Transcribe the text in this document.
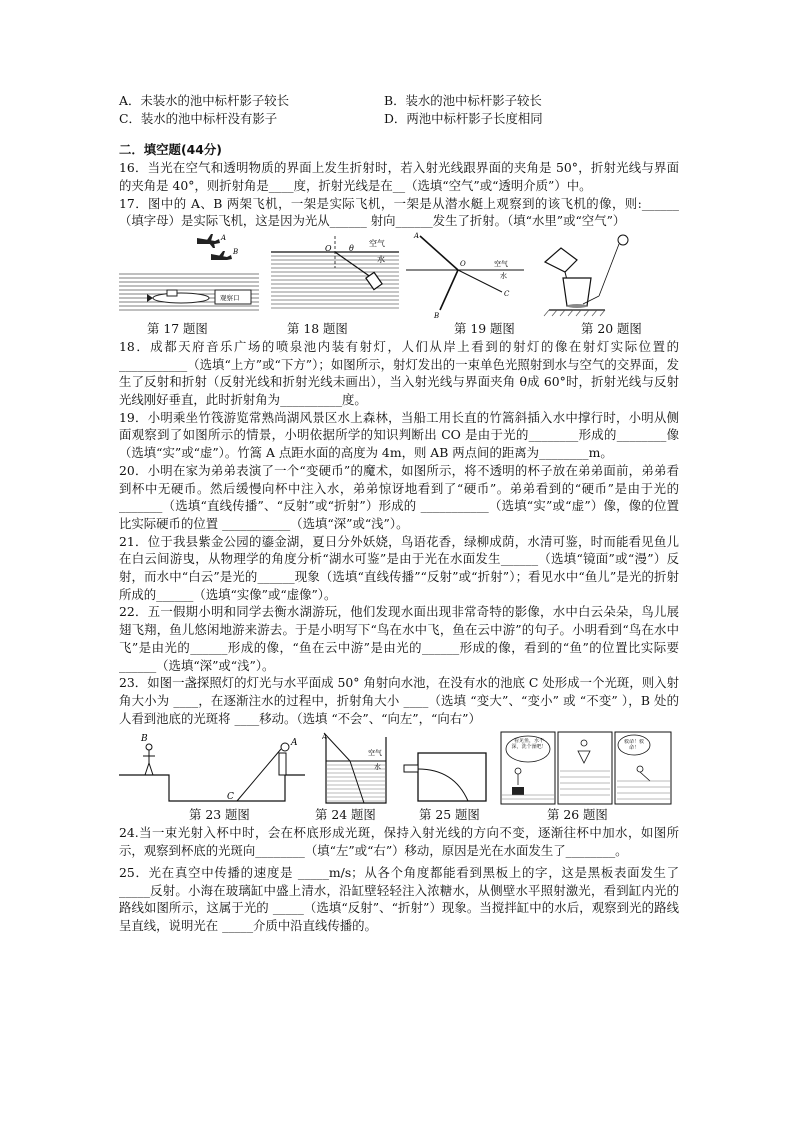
A．未装水的池中标杆影子较长	B．装水的池中标杆影子较长
C．装水的池中标杆没有影子	D．两池中标杆影子长度相同
二．填空题(44分)

16．当光在空气和透明物质的界面上发生折射时，若入射光线跟界面的夹角是 50°，折射光线与界面的夹角是 40°，则折射角是____度，折射光线是在__（选填“空气”或“透明介质”）中。

17．图中的 A、B 两架飞机，一架是实际飞机，一架是从潜水艇上观察到的该飞机的像，则:______（填字母）是实际飞机，这是因为光从______ 射向______发生了折射。（填“水里”或“空气”）

A
B
观察口
空气
水
O θ
A
B
C
O	空气
水
第 17 题图	第 18 题图	第 19 题图	第 20 题图

18．成都天府音乐广场的喷泉池内装有射灯，人们从岸上看到的射灯的像在射灯实际位置的___________（选填“上方”或“下方”）；如图所示，射灯发出的一束单色光照射到水与空气的交界面，发生了反射和折射（反射光线和折射光线未画出），当入射光线与界面夹角 θ成 60°时，折射光线与反射光线刚好垂直，此时折射角为__________度。

19．小明乘坐竹筏游览常熟尚湖风景区水上森林，当船工用长直的竹篙斜插入水中撑行时，小明从侧面观察到了如图所示的情景，小明依据所学的知识判断出 CO 是由于光的________形成的________像（选填“实”或“虚”）。竹篙 A 点距水面的高度为 4m，则 AB 两点间的距离为________m。

20．小明在家为弟弟表演了一个“变硬币”的魔术，如图所示，将不透明的杯子放在弟弟面前，弟弟看到杯中无硬币。然后缓慢向杯中注入水，弟弟惊讶地看到了“硬币”。弟弟看到的“硬币”是由于光的 _______（选填“直线传播”、“反射”或“折射”）形成的 ___________（选填“实”或“虚”）像，像的位置比实际硬币的位置 ___________（选填“深”或“浅”）。

21．位于我县紫金公园的鎏金湖，夏日分外妖娆，鸟语花香，绿柳成荫，水清可鉴，时而能看见鱼儿在白云间游曳，从物理学的角度分析“湖水可鉴”是由于光在水面发生______（选填“镜面”或“漫”）反射，而水中“白云”是光的______现象（选填“直线传播”“反射”或“折射”）；看见水中“鱼儿”是光的折射所成的______（选填“实像”或“虚像”）。

22．五一假期小明和同学去衡水湖游玩，他们发现水面出现非常奇特的影像，水中白云朵朵，鸟儿展翅飞翔，鱼儿悠闲地游来游去。于是小明写下“鸟在水中飞，鱼在云中游”的句子。小明看到“鸟在水中飞”是由光的______形成的像，“鱼在云中游”是由光的______形成的像，看到的“鱼”的位置比实际要______（选填“深”或“浅”）。

23．如图一盏探照灯的灯光与水平面成 50° 角射向水池，在没有水的池底 C 处形成一个光斑，则入射角大小为 ____，在逐渐注水的过程中，折射角大小 ____（选填 “变大”、“变小” 或 “不变” ），B 处的人看到池底的光斑将 ____移动。（选填 “不会”、“向左”，“向右”）

B	A
C
A
空气
水
看见鱼，水不深，洗个澡吧！
救命！救命！
第 23 题图	第 24 题图	第 25 题图	第 26 题图

24.当一束光射入杯中时，会在杯底形成光斑，保持入射光线的方向不变，逐渐往杯中加水，如图所示，观察到杯底的光斑向________（填“左”或“右”）移动，原因是光在水面发生了________。

25．光在真空中传播的速度是 _____m/s；从各个角度都能看到黑板上的字，这是黑板表面发生了 _____反射。小海在玻璃缸中盛上清水，沿缸壁轻轻注入浓糖水，从侧壁水平照射激光，看到缸内光的路线如图所示，这属于光的 _____（选填“反射”、“折射”）现象。当搅拌缸中的水后，观察到光的路线呈直线，说明光在 _____介质中沿直线传播的。
